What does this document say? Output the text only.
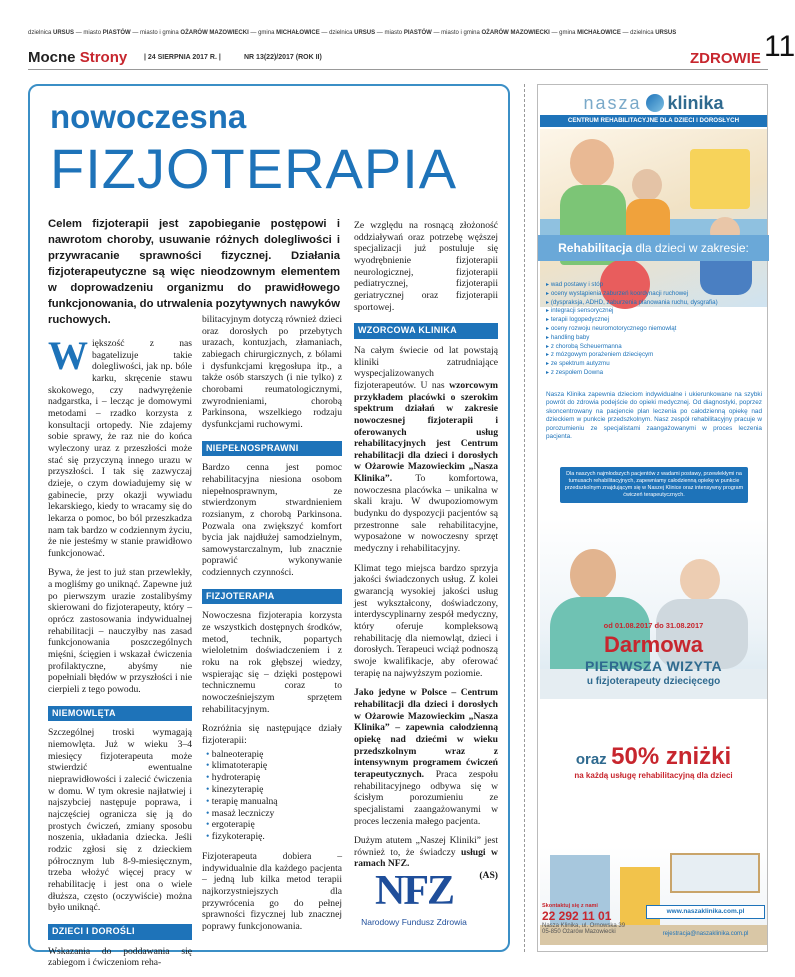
dzielnica URSUS — miasto PIASTÓW — miasto i gmina OŻARÓW MAZOWIECKI — gmina MICHAŁOWICE — dzielnica URSUS — miasto PIASTÓW — miasto i gmina OŻARÓW MAZOWIECKI — gmina MICHAŁOWICE — dzielnica URSUS
Mocne Strony | 24 SIERPNIA 2017 R. |	NR 13(22)/2017 (ROK II)	ZDROWIE 11
nowoczesna
FIZJOTERAPIA
Celem fizjoterapii jest zapobieganie postępowi i nawrotom choroby, usuwanie różnych dolegliwości i przywracanie sprawności fizycznej. Działania fizjoterapeutyczne są więc nieodzownym elementem w doprowadzeniu organizmu do prawidłowego funkcjonowania, do utrwalenia pozytywnych nawyków ruchowych.

Większość z nas bagatelizuje takie dolegliwości, jak np. bóle karku, skręcenie stawu skokowego, czy nadwyrężenie nadgarstka, i – lecząc je domowymi metodami – rzadko korzysta z konsultacji ortopedy. Nie zdajemy sobie sprawy, że raz nie do końca wyleczony uraz z przeszłości może stać się przyczyną innego urazu w przyszłości. I tak się zazwyczaj dzieje, o czym dowiadujemy się w gabinecie, przy okazji wywiadu lekarskiego, kiedy to wracamy się do lekarza o pomoc, bo ból przeszkadza nam tak bardzo w codziennym życiu, że nie jesteśmy w stanie prawidłowo funkcjonować.

Bywa, że jest to już stan przewlekły, a mogliśmy go uniknąć. Zapewne już po pierwszym urazie zostalibyśmy skierowani do fizjoterapeuty, który – oprócz zastosowania indywidualnej rehabilitacji – nauczyłby nas zasad funkcjonowania poszczególnych mięśni, ścięgien i wskazał ćwiczenia profilaktyczne, abyśmy nie popełniali błędów w przyszłości i nie cierpieli z tego powodu.

NIEMOWLĘTA

Szczególnej troski wymagają niemowlęta. Już w wieku 3–4 miesięcy fizjoterapeuta może stwierdzić ewentualne nieprawidłowości i zalecić ćwiczenia w domu. W tym okresie najłatwiej i najszybciej następuje poprawa, i najczęściej ogranicza się ją do prostych ćwiczeń, zmiany sposobu noszenia, układania dziecka. Jeśli rodzic zgłosi się z dzieckiem półrocznym lub 8-9-miesięcznym, trzeba włożyć więcej pracy w rehabilitację i jest ona o wiele dłuższa, często (oczywiście) można było uniknąć.

DZIECI I DOROŚLI

Wskazania do poddawania się zabiegom i ćwiczeniom reha-

bilitacyjnym dotyczą również dzieci oraz dorosłych po przebytych urazach, kontuzjach, złamaniach, zabiegach chirurgicznych, z bólami i dysfunkcjami kręgosłupa itp., a także osób starszych (i nie tylko) z chorobami reumatologicznymi, zwyrodnieniami, chorobą Parkinsona, wszelkiego rodzaju dysfunkcjami ruchowymi.

NIEPEŁNOSPRAWNI

Bardzo cenna jest pomoc rehabilitacyjna niesiona osobom niepełnosprawnym, ze stwierdzonym stwardnieniem rozsianym, z chorobą Parkinsona. Pozwala ona zwiększyć komfort bycia jak najdłużej samodzielnym, samowystarczalnym, lub znacznie poprawić wykonywanie codziennych czynności.

FIZJOTERAPIA

Nowoczesna fizjoterapia korzysta ze wszystkich dostępnych środków, metod, technik, popartych wieloletnim doświadczeniem i z roku na rok głębszej wiedzy, wspierając się – dzięki postępowi technicznemu coraz to nowocześniejszym sprzętem rehabilitacyjnym.

Rozróżnia się następujące działy fizjoterapii:

• balneoterapię
• klimatoterapię
• hydroterapię
• kinezyterapię
• terapię manualną
• masaż leczniczy
• ergoterapię
• fizykoterapię.

Fizjoterapeuta dobiera – indywidualnie dla każdego pacjenta – jedną lub kilka metod terapii najkorzystniejszych dla przywrócenia go do pełnej sprawności fizycznej lub znacznej poprawy funkcjonowania.

Ze względu na rosnącą złożoność oddziaływań oraz potrzebę węższej specjalizacji już postuluje się wyodrębnienie fizjoterapii neurologicznej, fizjoterapii pediatrycznej, fizjoterapii geriatrycznej oraz fizjoterapii sportowej.

WZORCOWA KLINIKA

Na całym świecie od lat powstają kliniki zatrudniające wyspecjalizowanych fizjoterapeutów. U nas wzorcowym przykładem placówki o szerokim spektrum działań w zakresie nowoczesnej fizjoterapii i oferowanych usług rehabilitacyjnych jest Centrum rehabilitacji dla dzieci i dorosłych w Ożarowie Mazowieckim „Nasza Klinika”. To komfortowa, nowoczesna placówka – unikalna w skali kraju. W dwupoziomowym budynku do dyspozycji pacjentów są przestronne sale rehabilitacyjne, wyposażone w nowoczesny sprzęt medyczny i rehabilitacyjny.

Klimat tego miejsca bardzo sprzyja jakości świadczonych usług. Z kolei gwarancją wysokiej jakości usług jest wykształcony, doświadczony, interdyscyplinarny zespół medyczny, który oferuje kompleksową rehabilitację dla niemowląt, dzieci i dorosłych. Terapeuci wciąż podnoszą swoje kwalifikacje, aby oferować terapię na najwyższym poziomie.

Jako jedyne w Polsce – Centrum rehabilitacji dla dzieci i dorosłych w Ożarowie Mazowieckim „Nasza Klinika” – zapewnia całodzienną opiekę nad dziećmi w wieku przedszkolnym wraz z intensywnym programem ćwiczeń terapeutycznych. Praca zespołu rehabilitacyjnego odbywa się w ścisłym porozumieniu ze specjalistami zaangażowanymi w proces leczenia małego pacjenta.

Dużym atutem „Naszej Kliniki” jest również to, że świadczy usługi w ramach NFZ.

(AS)
NFZ
Narodowy Fundusz Zdrowia
nasza klinika
CENTRUM REHABILITACYJNE DLA DZIECI I DOROSŁYCH
Rehabilitacja dla dzieci w zakresie:
▸ wad postawy i stóp
▸ oceny wystąpienia zaburzeń koordynacji ruchowej
▸ (dyspraksja, ADHD, zaburzenia planowania ruchu, dysgrafia)
▸ integracji sensorycznej
▸ terapii logopedycznej
▸ oceny rozwoju neuromotorycznego niemowląt
▸ handling baby
▸ z chorobą Scheuermanna
▸ z mózgowym porażeniem dziecięcym
▸ ze spektrum autyzmu
▸ z zespołem Downa
Nasza Klinika zapewnia dzieciom indywidualne i ukierunkowane na szybki powrót do zdrowia podejście do opieki medycznej. Od diagnostyki, poprzez skoncentrowany na pacjencie plan leczenia po całodzienną opiekę nad dzieckiem w punkcie przedszkolnym. Nasz zespół rehabilitacyjny pracuje w porozumieniu ze specjalistami zaangażowanymi w proces leczenia pacjenta.
Dla naszych najmłodszych pacjentów z wadami postawy, przewlekłymi na tumusach rehabilitacyjnych, zapewniamy całodzienną opiekę w punkcie przedszkolnym znajdującym się w Naszej Klinice oraz intensywny program ćwiczeń terapeutycznych.
od 01.08.2017 do 31.08.2017
Darmowa
PIERWSZA WIZYTA
u fizjoterapeuty dziecięcego
oraz 50% zniżki
na każdą usługę rehabilitacyjną dla dzieci
Skontaktuj się z nami
22 292 11 01
Nasza Klinika, ul. Ornowska 39
05-850 Ożarów Mazowiecki
www.naszaklinika.com.pl
rejestracja@naszaklinika.com.pl
